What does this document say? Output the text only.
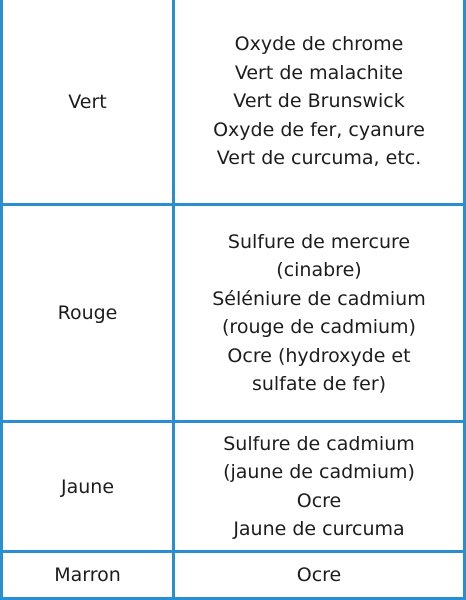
Vert
Oxyde de chrome
Vert de malachite
Vert de Brunswick
Oxyde de fer, cyanure
Vert de curcuma, etc.
Rouge
Sulfure de mercure
(cinabre)
Séléniure de cadmium
(rouge de cadmium)
Ocre (hydroxyde et
sulfate de fer)
Jaune
Sulfure de cadmium
(jaune de cadmium)
Ocre
Jaune de curcuma
Marron	Ocre
